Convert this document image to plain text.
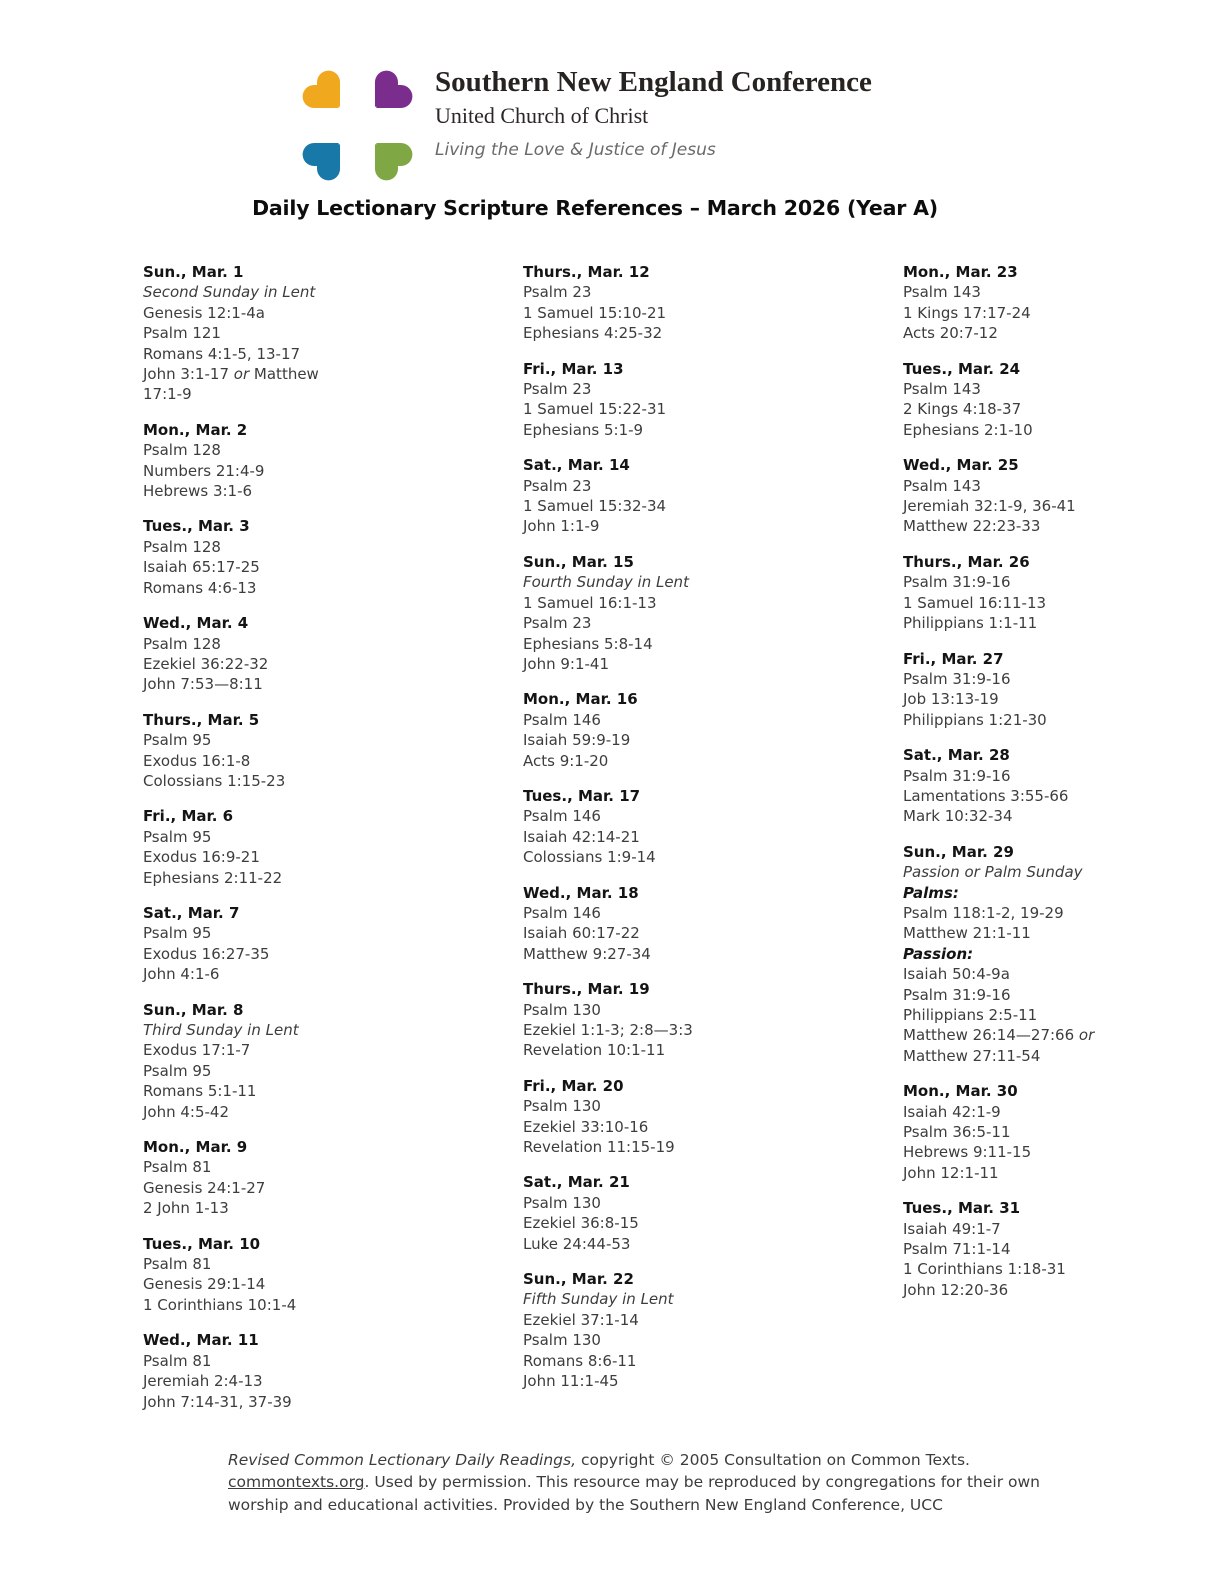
Southern New England Conference
United Church of Christ
Living the Love & Justice of Jesus
Daily Lectionary Scripture References – March 2026 (Year A)
Sun., Mar. 1
Second Sunday in Lent
Genesis 12:1-4a
Psalm 121
Romans 4:1-5, 13-17
John 3:1-17 or Matthew
17:1-9
Mon., Mar. 2
Psalm 128
Numbers 21:4-9
Hebrews 3:1-6
Tues., Mar. 3
Psalm 128
Isaiah 65:17-25
Romans 4:6-13
Wed., Mar. 4
Psalm 128
Ezekiel 36:22-32
John 7:53—8:11
Thurs., Mar. 5
Psalm 95
Exodus 16:1-8
Colossians 1:15-23
Fri., Mar. 6
Psalm 95
Exodus 16:9-21
Ephesians 2:11-22
Sat., Mar. 7
Psalm 95
Exodus 16:27-35
John 4:1-6
Sun., Mar. 8
Third Sunday in Lent
Exodus 17:1-7
Psalm 95
Romans 5:1-11
John 4:5-42
Mon., Mar. 9
Psalm 81
Genesis 24:1-27
2 John 1-13
Tues., Mar. 10
Psalm 81
Genesis 29:1-14
1 Corinthians 10:1-4
Wed., Mar. 11
Psalm 81
Jeremiah 2:4-13
John 7:14-31, 37-39
Thurs., Mar. 12
Psalm 23
1 Samuel 15:10-21
Ephesians 4:25-32
Fri., Mar. 13
Psalm 23
1 Samuel 15:22-31
Ephesians 5:1-9
Sat., Mar. 14
Psalm 23
1 Samuel 15:32-34
John 1:1-9
Sun., Mar. 15
Fourth Sunday in Lent
1 Samuel 16:1-13
Psalm 23
Ephesians 5:8-14
John 9:1-41
Mon., Mar. 16
Psalm 146
Isaiah 59:9-19
Acts 9:1-20
Tues., Mar. 17
Psalm 146
Isaiah 42:14-21
Colossians 1:9-14
Wed., Mar. 18
Psalm 146
Isaiah 60:17-22
Matthew 9:27-34
Thurs., Mar. 19
Psalm 130
Ezekiel 1:1-3; 2:8—3:3
Revelation 10:1-11
Fri., Mar. 20
Psalm 130
Ezekiel 33:10-16
Revelation 11:15-19
Sat., Mar. 21
Psalm 130
Ezekiel 36:8-15
Luke 24:44-53
Sun., Mar. 22
Fifth Sunday in Lent
Ezekiel 37:1-14
Psalm 130
Romans 8:6-11
John 11:1-45
Mon., Mar. 23
Psalm 143
1 Kings 17:17-24
Acts 20:7-12
Tues., Mar. 24
Psalm 143
2 Kings 4:18-37
Ephesians 2:1-10
Wed., Mar. 25
Psalm 143
Jeremiah 32:1-9, 36-41
Matthew 22:23-33
Thurs., Mar. 26
Psalm 31:9-16
1 Samuel 16:11-13
Philippians 1:1-11
Fri., Mar. 27
Psalm 31:9-16
Job 13:13-19
Philippians 1:21-30
Sat., Mar. 28
Psalm 31:9-16
Lamentations 3:55-66
Mark 10:32-34
Sun., Mar. 29
Passion or Palm Sunday
Palms:
Psalm 118:1-2, 19-29
Matthew 21:1-11
Passion:
Isaiah 50:4-9a
Psalm 31:9-16
Philippians 2:5-11
Matthew 26:14—27:66 or
Matthew 27:11-54
Mon., Mar. 30
Isaiah 42:1-9
Psalm 36:5-11
Hebrews 9:11-15
John 12:1-11
Tues., Mar. 31
Isaiah 49:1-7
Psalm 71:1-14
1 Corinthians 1:18-31
John 12:20-36
Revised Common Lectionary Daily Readings, copyright © 2005 Consultation on Common Texts. commontexts.org. Used by permission. This resource may be reproduced by congregations for their own worship and educational activities. Provided by the Southern New England Conference, UCC
